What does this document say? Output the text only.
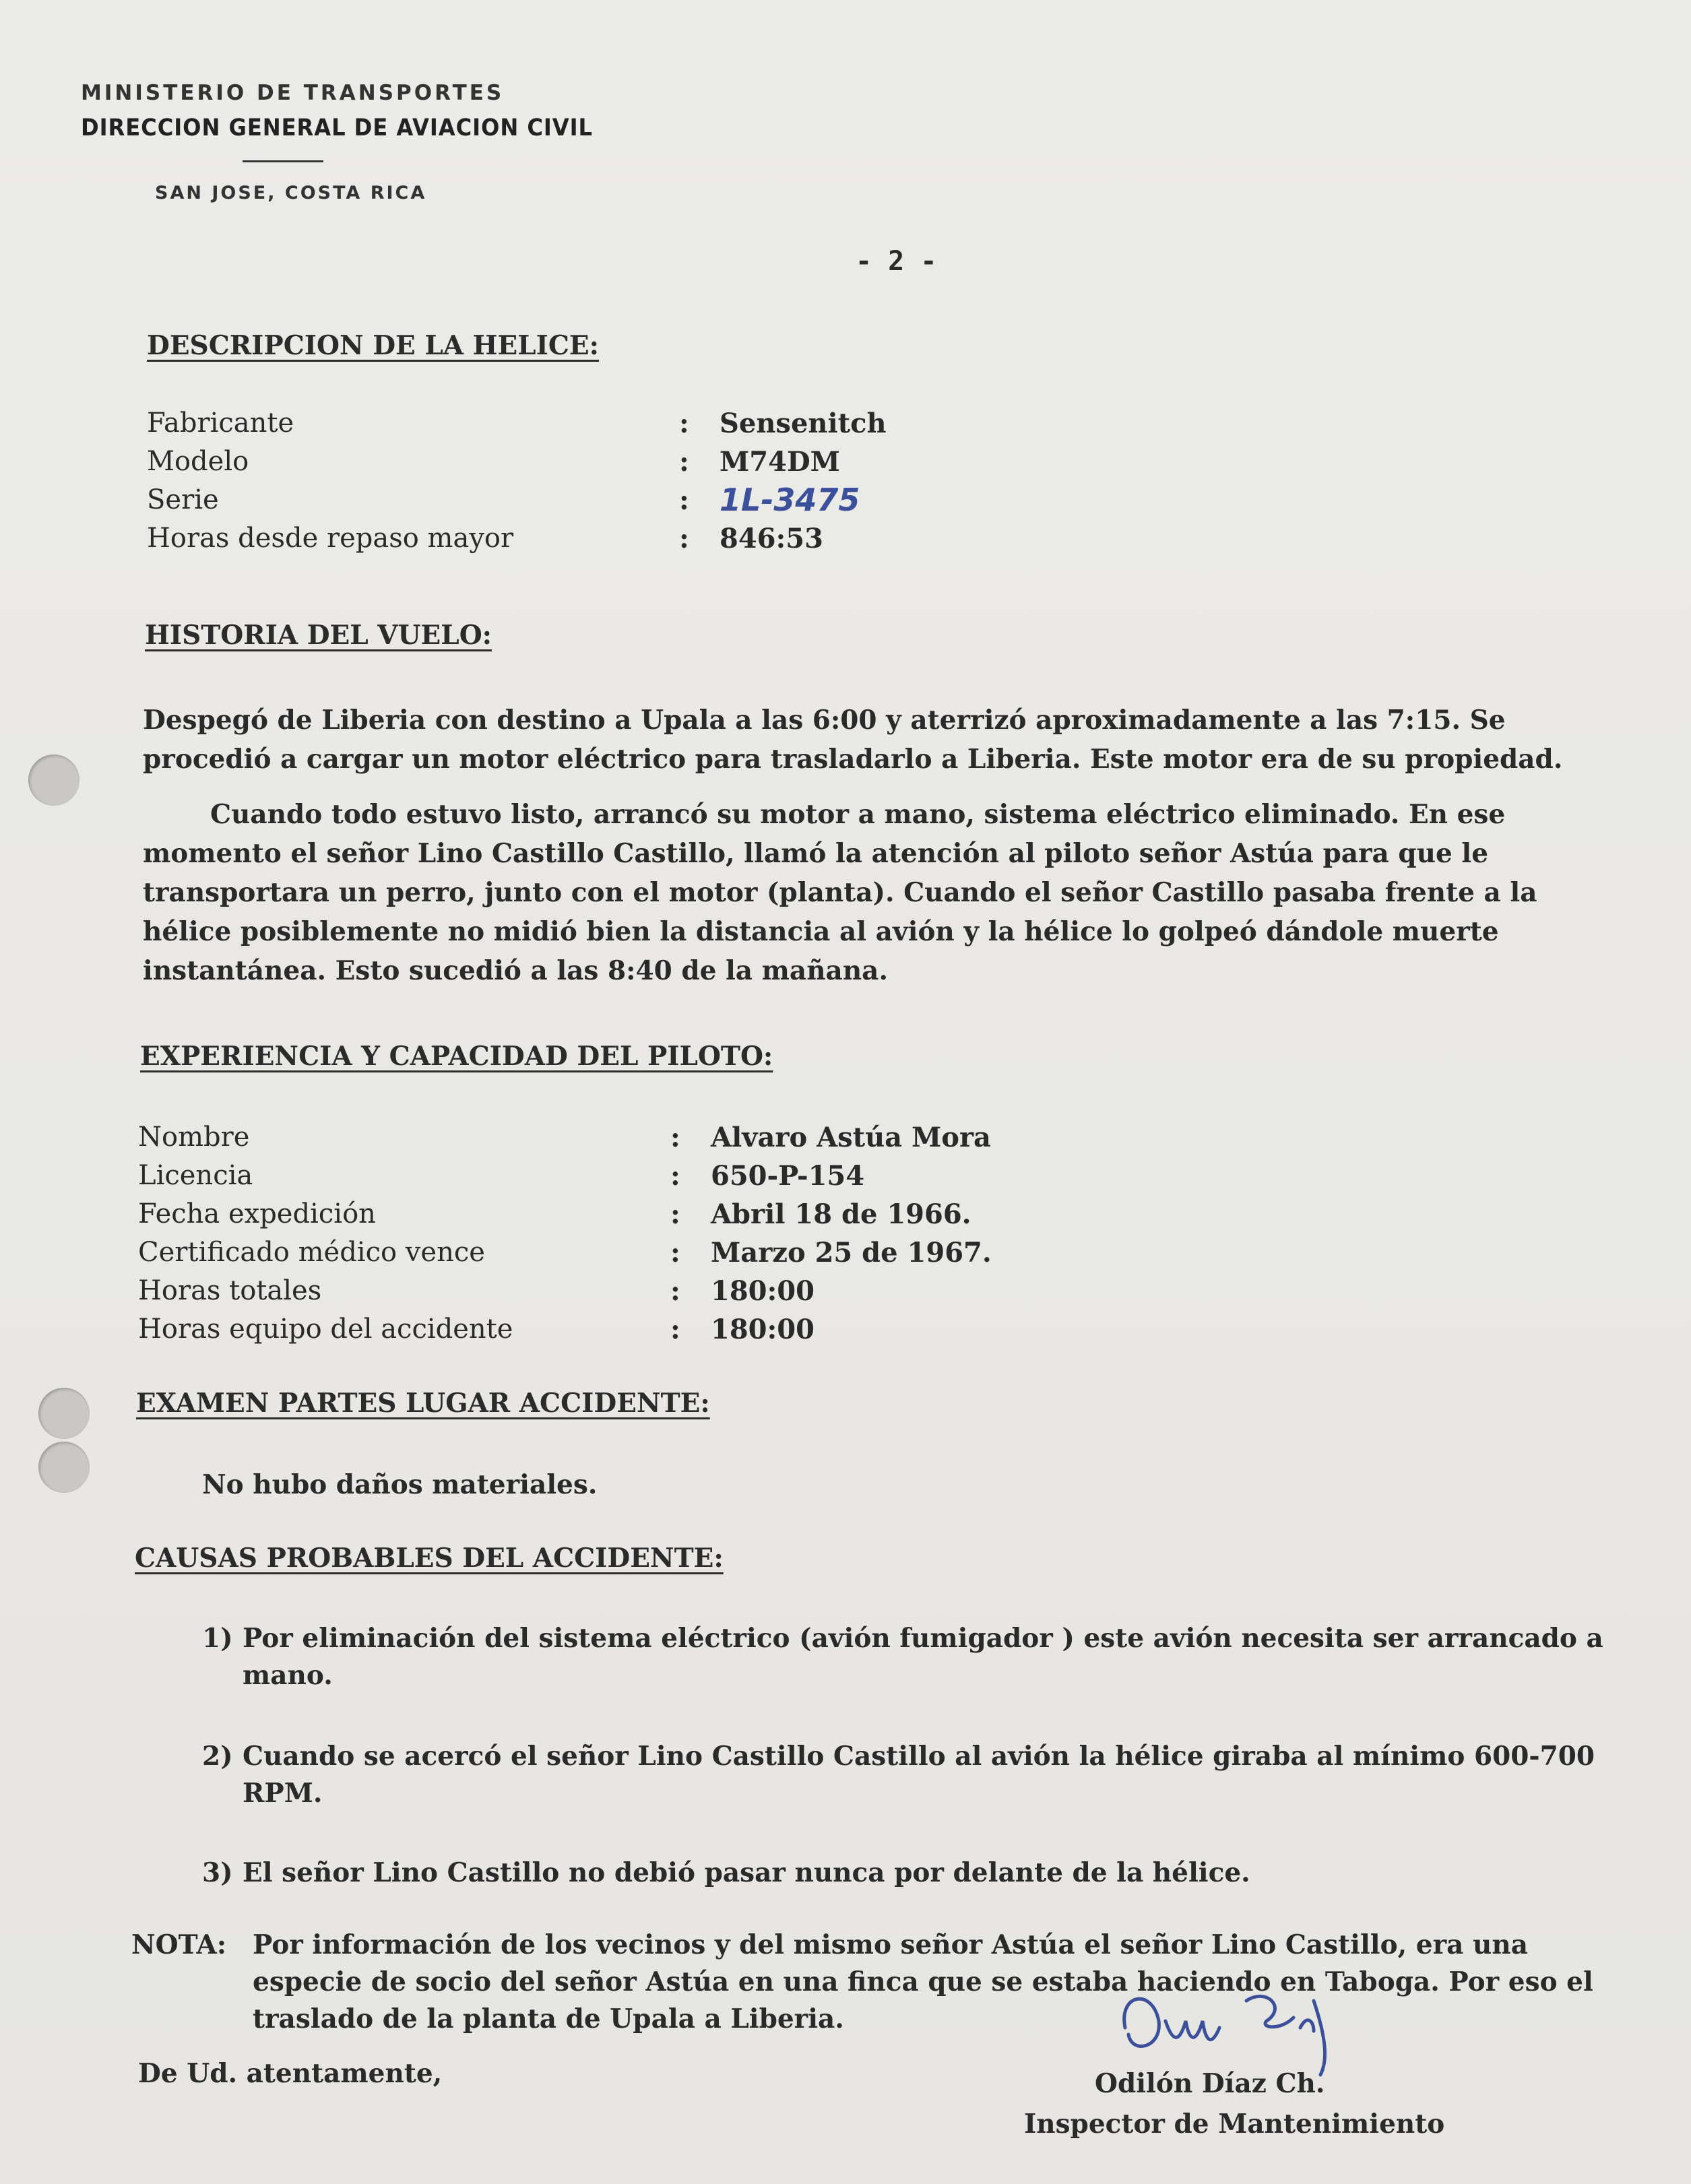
MINISTERIO DE TRANSPORTES
DIRECCION GENERAL DE AVIACION CIVIL
SAN JOSE, COSTA RICA
- 2 -
DESCRIPCION DE LA HELICE:
Fabricante	:	Sensenitch
Modelo	:	M74DM
Serie	: 1L-3475
Horas desde repaso mayor	:	846:53
HISTORIA DEL VUELO:
Despegó de Liberia con destino a Upala a las 6:00 y aterrizó aproximadamente a las 7:15. Se procedió a cargar un motor eléctrico para trasladarlo a Liberia. Este motor era de su propiedad.
Cuando todo estuvo listo, arrancó su motor a mano, sistema eléctrico eliminado. En ese momento el señor Lino Castillo Castillo, llamó la atención al piloto señor Astúa para que le transportara un perro, junto con el motor (planta). Cuando el señor Castillo pasaba frente a la hélice posiblemente no midió bien la distancia al avión y la hélice lo golpeó dándole muerte instantánea. Esto sucedió a las 8:40 de la mañana.
EXPERIENCIA Y CAPACIDAD DEL PILOTO:
Nombre	:	Alvaro Astúa Mora
Licencia	:	650-P-154
Fecha expedición	:	Abril 18 de 1966.
Certificado médico vence	:	Marzo 25 de 1967.
Horas totales	:	180:00
Horas equipo del accidente	:	180:00
EXAMEN PARTES LUGAR ACCIDENTE:
No hubo daños materiales.
CAUSAS PROBABLES DEL ACCIDENTE:
1) Por eliminación del sistema eléctrico (avión fumigador ) este avión necesita ser arrancado a mano.
2) Cuando se acercó el señor Lino Castillo Castillo al avión la hélice giraba al mínimo 600-700 RPM.
3) El señor Lino Castillo no debió pasar nunca por delante de la hélice.
NOTA: Por información de los vecinos y del mismo señor Astúa el señor Lino Castillo, era una especie de socio del señor Astúa en una finca que se estaba haciendo en Taboga. Por eso el traslado de la planta de Upala a Liberia.
De Ud. atentamente,	Odilón Díaz Ch.
Inspector de Mantenimiento
